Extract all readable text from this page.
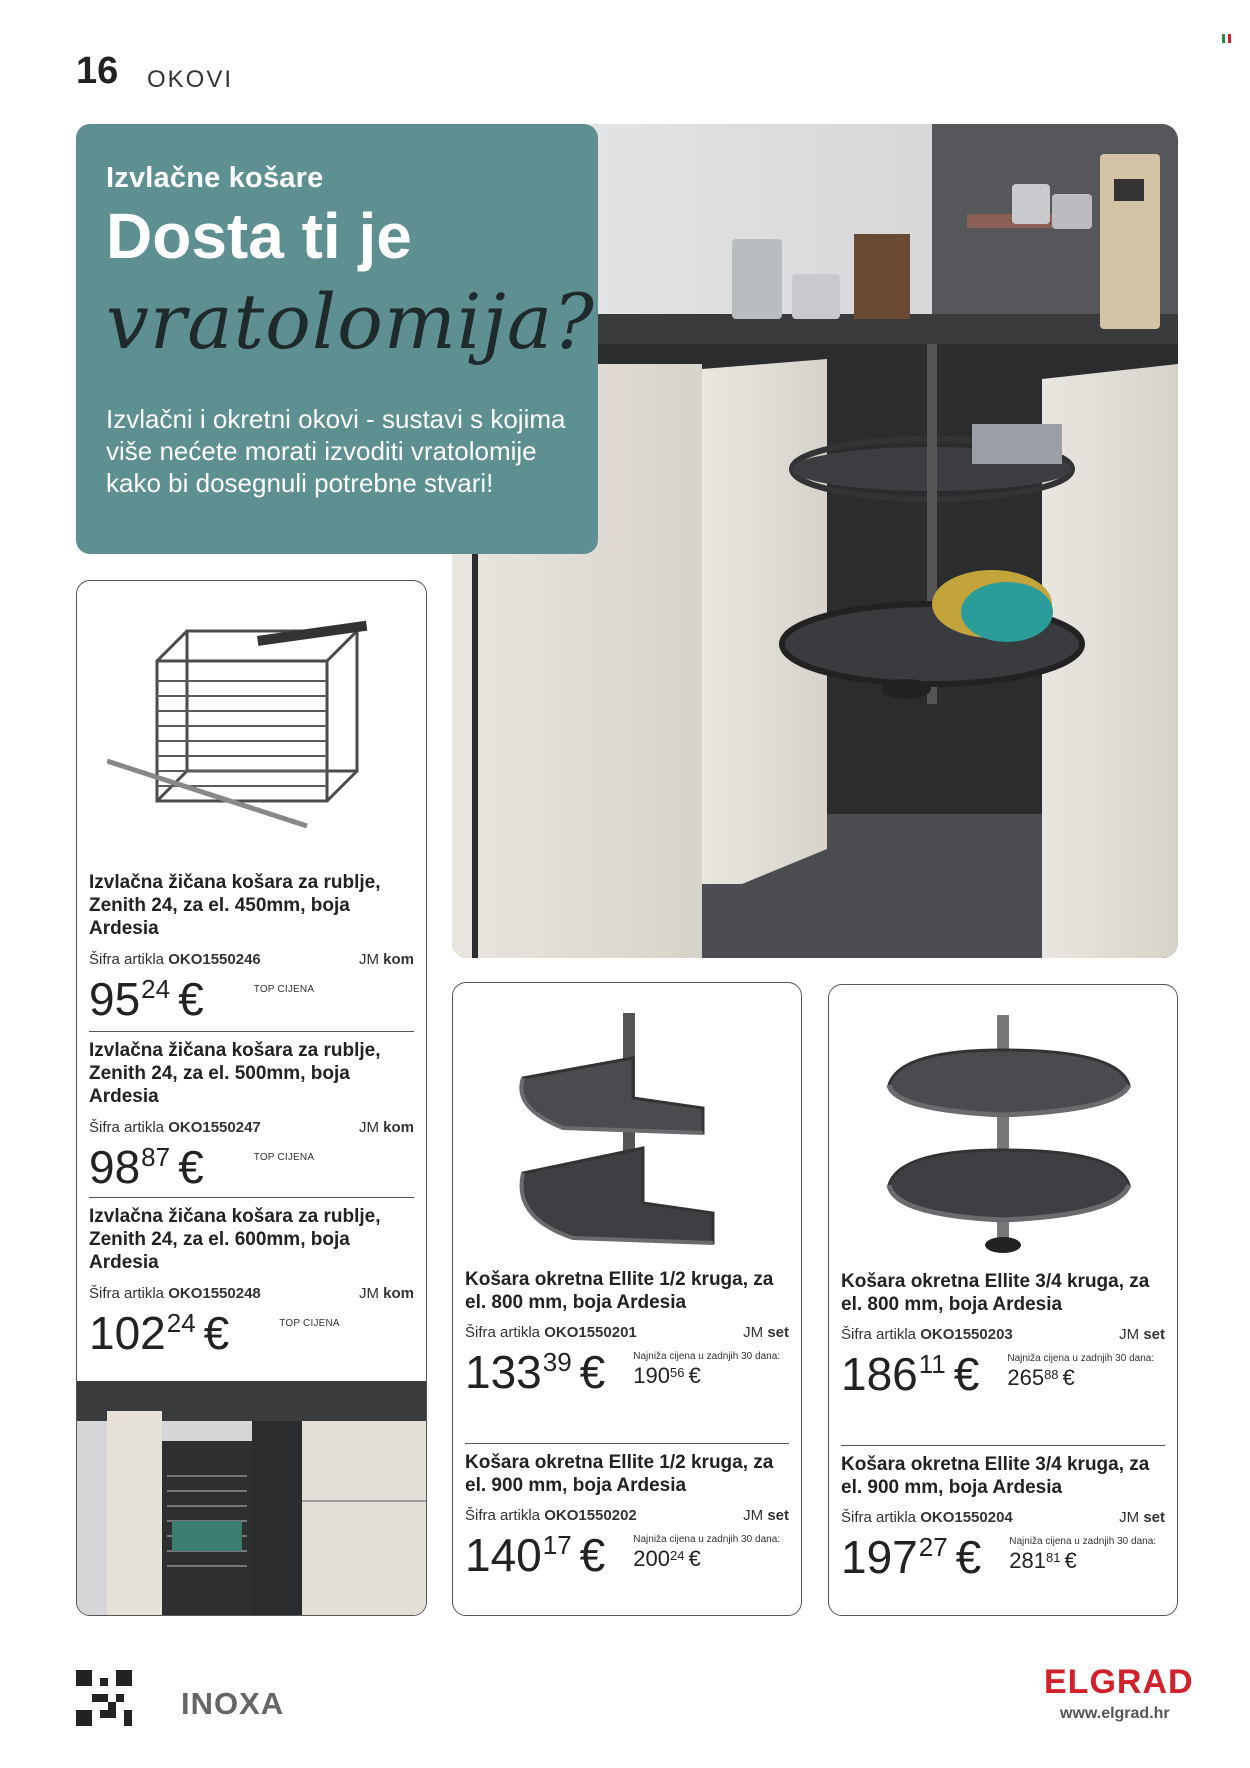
16 OKOVI
Izvlačne košare
Dosta ti je
vratolomija?
Izvlačni i okretni okovi - sustavi s kojima više nećete morati izvoditi vratolomije kako bi dosegnuli potrebne stvari!
Izvlačna žičana košara za rublje, Zenith 24, za el. 450mm, boja Ardesia
Šifra artikla OKO1550246	JM kom
95 24 €	TOP CIJENA
Izvlačna žičana košara za rublje, Zenith 24, za el. 500mm, boja Ardesia
Šifra artikla OKO1550247	JM kom
98 87 €	TOP CIJENA
Izvlačna žičana košara za rublje, Zenith 24, za el. 600mm, boja Ardesia
Šifra artikla OKO1550248	JM kom
102 24 €	TOP CIJENA
Košara okretna Ellite 1/2 kruga, za el. 800 mm, boja Ardesia
Šifra artikla OKO1550201	JM set
133 39 €	Najniža cijena u zadnjih 30 dana:
190 56 €
Košara okretna Ellite 1/2 kruga, za el. 900 mm, boja Ardesia
Šifra artikla OKO1550202	JM set
140 17 €	Najniža cijena u zadnjih 30 dana:
200 24 €
Košara okretna Ellite 3/4 kruga, za el. 800 mm, boja Ardesia
Šifra artikla OKO1550203	JM set
186 11 €	Najniža cijena u zadnjih 30 dana:
265 88 €
Košara okretna Ellite 3/4 kruga, za el. 900 mm, boja Ardesia
Šifra artikla OKO1550204	JM set
197 27 €	Najniža cijena u zadnjih 30 dana:
281 81 €
INOXA
ELGRAD
www.elgrad.hr
